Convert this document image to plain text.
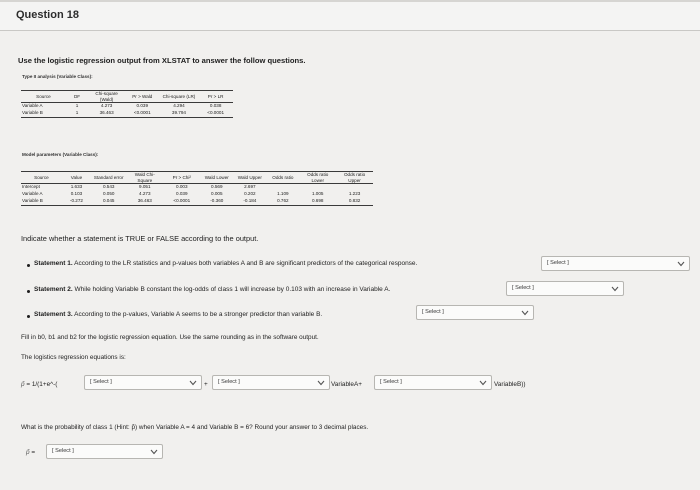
Question 18
Use the logistic regression output from XLSTAT to answer the follow questions.
Type II analysis (Variable Class):
Source	DF	Chi-square (Wald)	Pr > Wald	Chi-square (LR)	Pr > LR
Variable A	1	4.273	0.039	4.294	0.038
Variable B	1	36.463	<0.0001	39.794	<0.0001
Model parameters (Variable Class):
Source	Value	Standard error	Wald Chi-Square	Pr > Chi²	Wald Lower	Wald Upper	Odds ratio	Odds ratio Lower	Odds ratio Upper
Intercept	1.633	0.543	9.051	0.003	0.569	2.697			
Variable A	0.103	0.050	4.273	0.039	0.005	0.202	1.109	1.005	1.223
Variable B	-0.272	0.045	36.463	<0.0001	-0.360	-0.184	0.762	0.698	0.832
Indicate whether a statement is TRUE or FALSE according to the output.
Statement 1. According to the LR statistics and p-values both variables A and B are significant predictors of the categorical response.	[ Select ]
Statement 2. While holding Variable B constant the log-odds of class 1 will increase by 0.103 with an increase in Variable A.	[ Select ]
Statement 3. According to the p-values, Variable A seems to be a stronger predictor than variable B.	[ Select ]
Fill in b0, b1 and b2 for the logistic regression equation. Use the same rounding as in the software output.
The logistics regression equations is:
p̂ = 1/(1+e^-(	[ Select ]	+ [ Select ]	VariableA+	[ Select ]	VariableB))
What is the probability of class 1 (Hint: p̂) when Variable A = 4 and Variable B = 6? Round your answer to 3 decimal places.
p̂ =	[ Select ]
